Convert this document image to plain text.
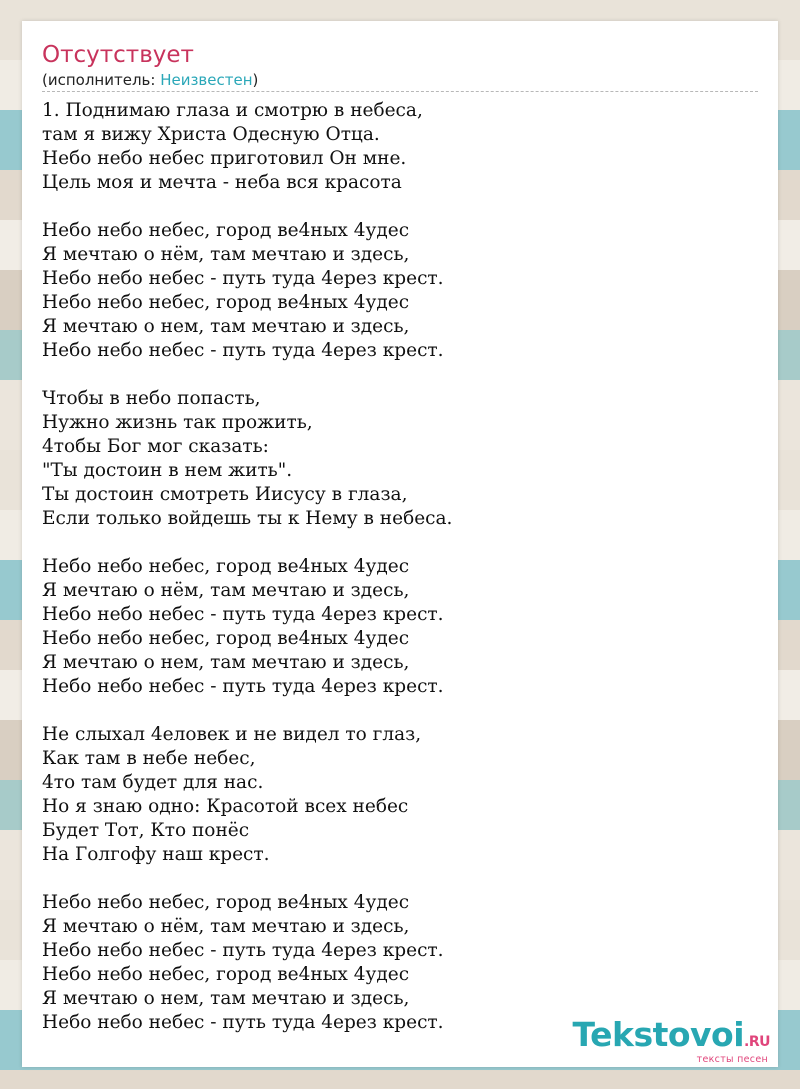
Отсутствует
(исполнитель: Неизвестен)
1. Поднимаю глаза и смотрю в небеса,
там я вижу Христа Одесную Отца.
Небо небо небес приготовил Он мне.
Цель моя и мечта - неба вся красота
Небо небо небес, город ве4ных 4удес
Я мечтаю о нём, там мечтаю и здесь,
Небо небо небес - путь туда 4ерез крест.
Небо небо небес, город ве4ных 4удес
Я мечтаю о нем, там мечтаю и здесь,
Небо небо небес - путь туда 4ерез крест.
Чтобы в небо попасть,
Нужно жизнь так прожить,
4тобы Бог мог сказать:
"Ты достоин в нем жить".
Ты достоин смотреть Иисусу в глаза,
Если только войдешь ты к Нему в небеса.
Небо небо небес, город ве4ных 4удес
Я мечтаю о нём, там мечтаю и здесь,
Небо небо небес - путь туда 4ерез крест.
Небо небо небес, город ве4ных 4удес
Я мечтаю о нем, там мечтаю и здесь,
Небо небо небес - путь туда 4ерез крест.
Не слыхал 4еловек и не видел то глаз,
Как там в небе небес,
4то там будет для нас.
Но я знаю одно: Красотой всех небес
Будет Тот, Кто понёс
На Голгофу наш крест.
Небо небо небес, город ве4ных 4удес
Я мечтаю о нём, там мечтаю и здесь,
Небо небо небес - путь туда 4ерез крест.
Небо небо небес, город ве4ных 4удес
Я мечтаю о нем, там мечтаю и здесь,
Небо небо небес - путь туда 4ерез крест.	Tekstovoi.RU
тексты песен
